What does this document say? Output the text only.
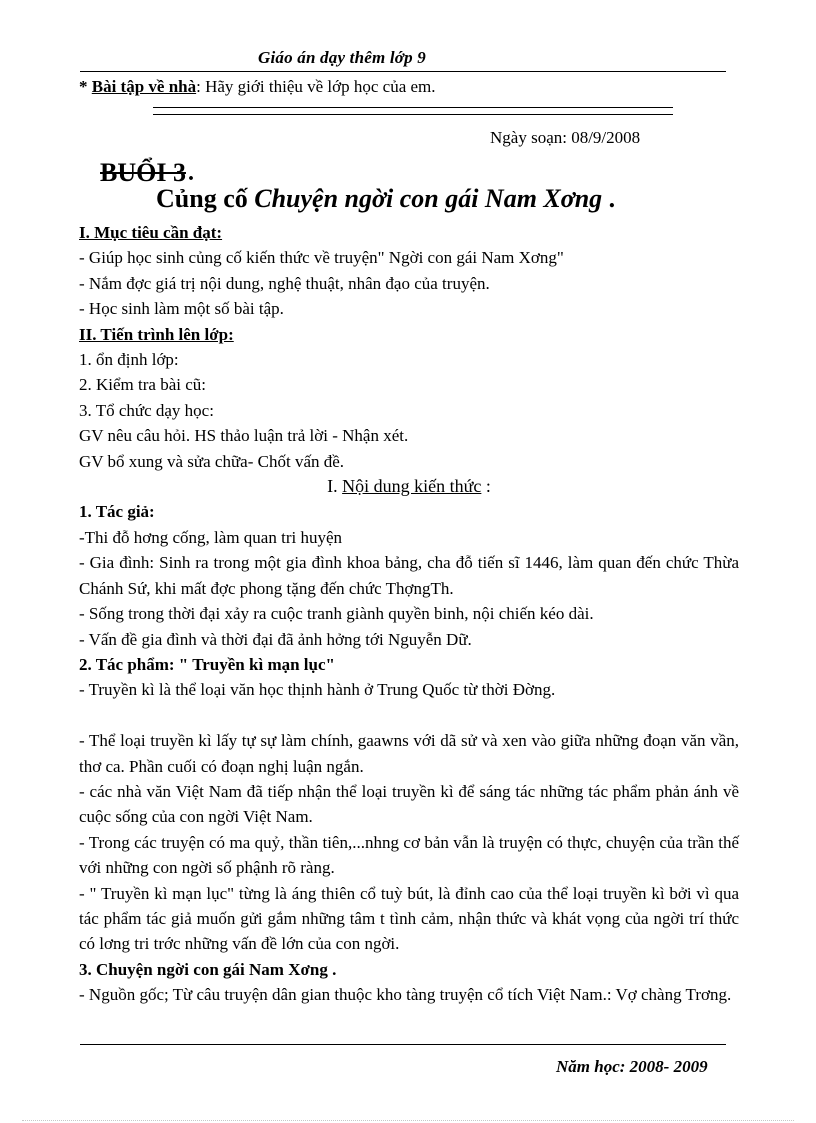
Giáo án dạy thêm lớp 9
* Bài tập về nhà: Hãy giới thiệu về lớp học của em.
Ngày soạn: 08/9/2008
BUỔI 3 .
Củng cố Chuyện ngời con gái Nam Xơng .

I. Mục tiêu cần đạt:

- Giúp học sinh củng cố kiến thức về truyện" Ngời con gái Nam Xơng"

- Nắm đợc giá trị nội dung, nghệ thuật, nhân đạo của truyện.

- Học sinh làm một số bài tập.

II. Tiến trình lên lớp:

1. ổn định lớp:

2. Kiểm tra bài cũ:

3. Tổ chức dạy học:

GV nêu câu hỏi. HS thảo luận trả lời - Nhận xét.

GV bổ xung và sửa chữa- Chốt vấn đề.

I. Nội dung kiến thức :

1. Tác giả:

-Thi đỗ hơng cống, làm quan tri huyện

- Gia đình: Sinh ra trong một gia đình khoa bảng, cha đỗ tiến sĩ 1446, làm quan đến chức Thừa Chánh Sứ, khi mất đợc phong tặng đến chức ThợngTh.

- Sống trong thời đại xảy ra cuộc tranh giành quyền binh, nội chiến kéo dài.

- Vấn đề gia đình và thời đại đã ảnh hởng tới Nguyễn Dữ.

2. Tác phẩm: " Truyền kì mạn lục"

- Truyền kì là thể loại văn học thịnh hành ở Trung Quốc từ thời Đờng.

- Thể loại truyền kì lấy tự sự làm chính, gaawns với dã sử và xen vào giữa những đoạn văn vần, thơ ca. Phần cuối có đoạn nghị luận ngắn.

- các nhà văn Việt Nam đã tiếp nhận thể loại truyền kì để sáng tác những tác phẩm phản ánh về cuộc sống của con ngời Việt Nam.

- Trong các truyện có ma quỷ, thần tiên,...nhng cơ bản vẫn là truyện có thực, chuyện của trần thế với những con ngời số phậnh rõ ràng.

- " Truyền kì mạn lục" từng là áng thiên cổ tuỳ bút, là đỉnh cao của thể loại truyền kì bởi vì qua tác phẩm tác giả muốn gửi gắm những tâm t tình cảm, nhận thức và khát vọng của ngời trí thức có lơng tri trớc những vấn đề lớn của con ngời.

3. Chuyện ngời con gái Nam Xơng .

- Nguồn gốc; Từ câu truyện dân gian thuộc kho tàng truyện cổ tích Việt Nam.: Vợ chàng Trơng.

Năm học: 2008- 2009
